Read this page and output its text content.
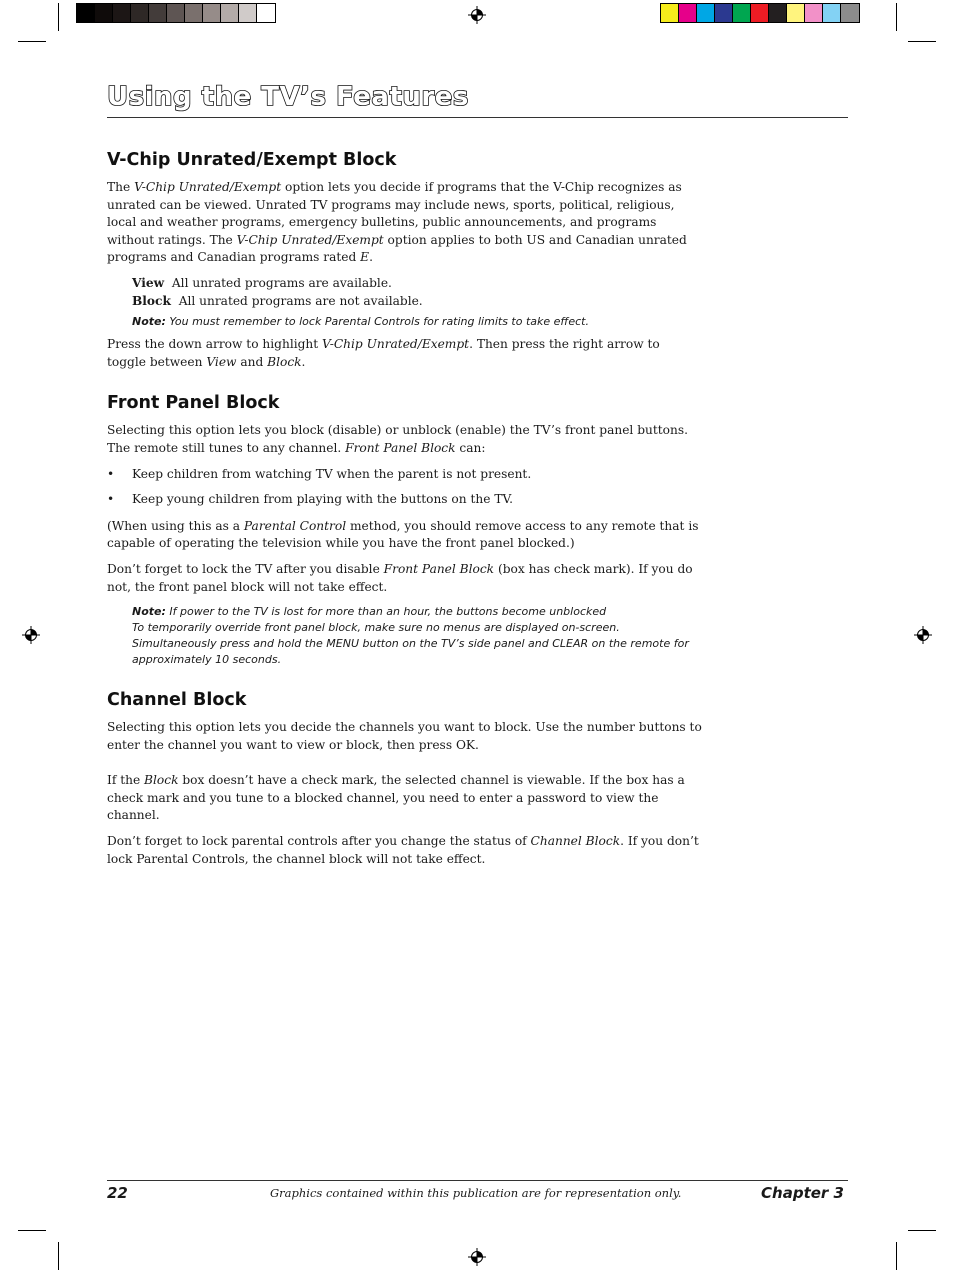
Using the TV’s Features
V-Chip Unrated/Exempt Block

The V-Chip Unrated/Exempt option lets you decide if programs that the V-Chip recognizes as unrated can be viewed. Unrated TV programs may include news, sports, political, religious, local and weather programs, emergency bulletins, public announcements, and programs without ratings. The V-Chip Unrated/Exempt option applies to both US and Canadian unrated programs and Canadian programs rated E.

View All unrated programs are available.
Block All unrated programs are not available.

Note: You must remember to lock Parental Controls for rating limits to take effect.

Press the down arrow to highlight V-Chip Unrated/Exempt. Then press the right arrow to toggle between View and Block.

Front Panel Block

Selecting this option lets you block (disable) or unblock (enable) the TV’s front panel buttons. The remote still tunes to any channel. Front Panel Block can:

• Keep children from watching TV when the parent is not present.
• Keep young children from playing with the buttons on the TV.

(When using this as a Parental Control method, you should remove access to any remote that is capable of operating the television while you have the front panel blocked.)

Don’t forget to lock the TV after you disable Front Panel Block (box has check mark). If you do not, the front panel block will not take effect.

Note: If power to the TV is lost for more than an hour, the buttons become unblocked

To temporarily override front panel block, make sure no menus are displayed on-screen. Simultaneously press and hold the MENU button on the TV’s side panel and CLEAR on the remote for approximately 10 seconds.

Channel Block

Selecting this option lets you decide the channels you want to block. Use the number buttons to enter the channel you want to view or block, then press OK.

If the Block box doesn’t have a check mark, the selected channel is viewable. If the box has a check mark and you tune to a blocked channel, you need to enter a password to view the channel.

Don’t forget to lock parental controls after you change the status of Channel Block. If you don’t lock Parental Controls, the channel block will not take effect.

22	Graphics contained within this publication are for representation only.	Chapter 3
